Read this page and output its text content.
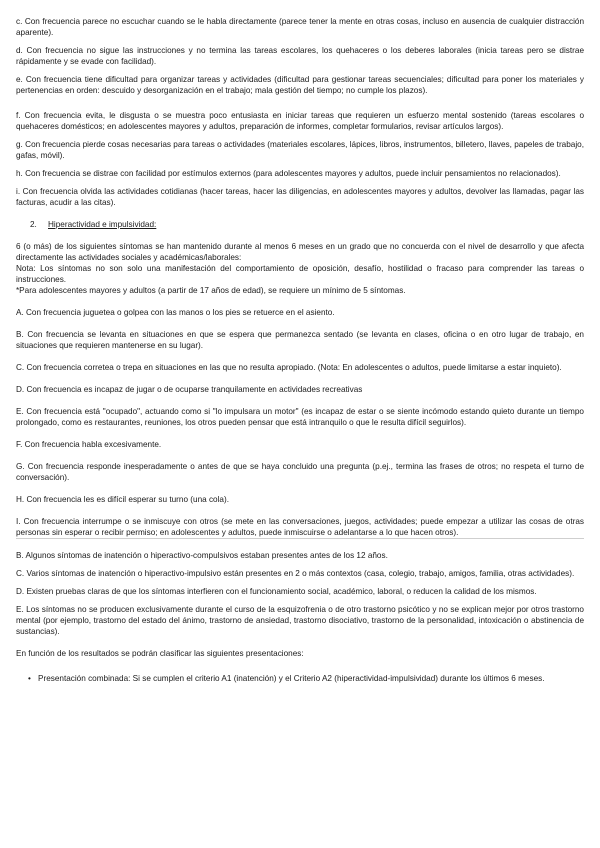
c. Con frecuencia parece no escuchar cuando se le habla directamente (parece tener la mente en otras cosas, incluso en ausencia de cualquier distracción aparente).

d. Con frecuencia no sigue las instrucciones y no termina las tareas escolares, los quehaceres o los deberes laborales (inicia tareas pero se distrae rápidamente y se evade con facilidad).

e. Con frecuencia tiene dificultad para organizar tareas y actividades (dificultad para gestionar tareas secuenciales; dificultad para poner los materiales y pertenencias en orden: descuido y desorganización en el trabajo; mala gestión del tiempo; no cumple los plazos).

f. Con frecuencia evita, le disgusta o se muestra poco entusiasta en iniciar tareas que requieren un esfuerzo mental sostenido (tareas escolares o quehaceres domésticos; en adolescentes mayores y adultos, preparación de informes, completar formularios, revisar artículos largos).

g. Con frecuencia pierde cosas necesarias para tareas o actividades (materiales escolares, lápices, libros, instrumentos, billetero, llaves, papeles de trabajo, gafas, móvil).

h. Con frecuencia se distrae con facilidad por estímulos externos (para adolescentes mayores y adultos, puede incluir pensamientos no relacionados).

i. Con frecuencia olvida las actividades cotidianas (hacer tareas, hacer las diligencias, en adolescentes mayores y adultos, devolver las llamadas, pagar las facturas, acudir a las citas).

2. Hiperactividad e impulsividad:

6 (o más) de los siguientes síntomas se han mantenido durante al menos 6 meses en un grado que no concuerda con el nivel de desarrollo y que afecta directamente las actividades sociales y académicas/laborales:

Nota: Los síntomas no son solo una manifestación del comportamiento de oposición, desafío, hostilidad o fracaso para comprender las tareas o instrucciones.

*Para adolescentes mayores y adultos (a partir de 17 años de edad), se requiere un mínimo de 5 síntomas.

A. Con frecuencia juguetea o golpea con las manos o los pies se retuerce en el asiento.

B. Con frecuencia se levanta en situaciones en que se espera que permanezca sentado (se levanta en clases, oficina o en otro lugar de trabajo, en situaciones que requieren mantenerse en su lugar).

C. Con frecuencia corretea o trepa en situaciones en las que no resulta apropiado. (Nota: En adolescentes o adultos, puede limitarse a estar inquieto).

D. Con frecuencia es incapaz de jugar o de ocuparse tranquilamente en actividades recreativas

E. Con frecuencia está "ocupado", actuando como si "lo impulsara un motor" (es incapaz de estar o se siente incómodo estando quieto durante un tiempo prolongado, como es restaurantes, reuniones, los otros pueden pensar que está intranquilo o que le resulta difícil seguirlos).

F. Con frecuencia habla excesivamente.

G. Con frecuencia responde inesperadamente o antes de que se haya concluido una pregunta (p.ej., termina las frases de otros; no respeta el turno de conversación).

H. Con frecuencia les es difícil esperar su turno (una cola).

I. Con frecuencia interrumpe o se inmiscuye con otros (se mete en las conversaciones, juegos, actividades; puede empezar a utilizar las cosas de otras personas sin esperar o recibir permiso; en adolescentes y adultos, puede inmiscuirse o adelantarse a lo que hacen otros).

B. Algunos síntomas de inatención o hiperactivo-compulsivos estaban presentes antes de los 12 años.

C. Varios síntomas de inatención o hiperactivo-impulsivo están presentes en 2 o más contextos (casa, colegio, trabajo, amigos, familia, otras actividades).

D. Existen pruebas claras de que los síntomas interfieren con el funcionamiento social, académico, laboral, o reducen la calidad de los mismos.

E. Los síntomas no se producen exclusivamente durante el curso de la esquizofrenia o de otro trastorno psicótico y no se explican mejor por otros trastorno mental (por ejemplo, trastorno del estado del ánimo, trastorno de ansiedad, trastorno disociativo, trastorno de la personalidad, intoxicación o abstinencia de sustancias).

En función de los resultados se podrán clasificar las siguientes presentaciones:

• Presentación combinada: Si se cumplen el criterio A1 (inatención) y el Criterio A2 (hiperactividad-impulsividad) durante los últimos 6 meses.
